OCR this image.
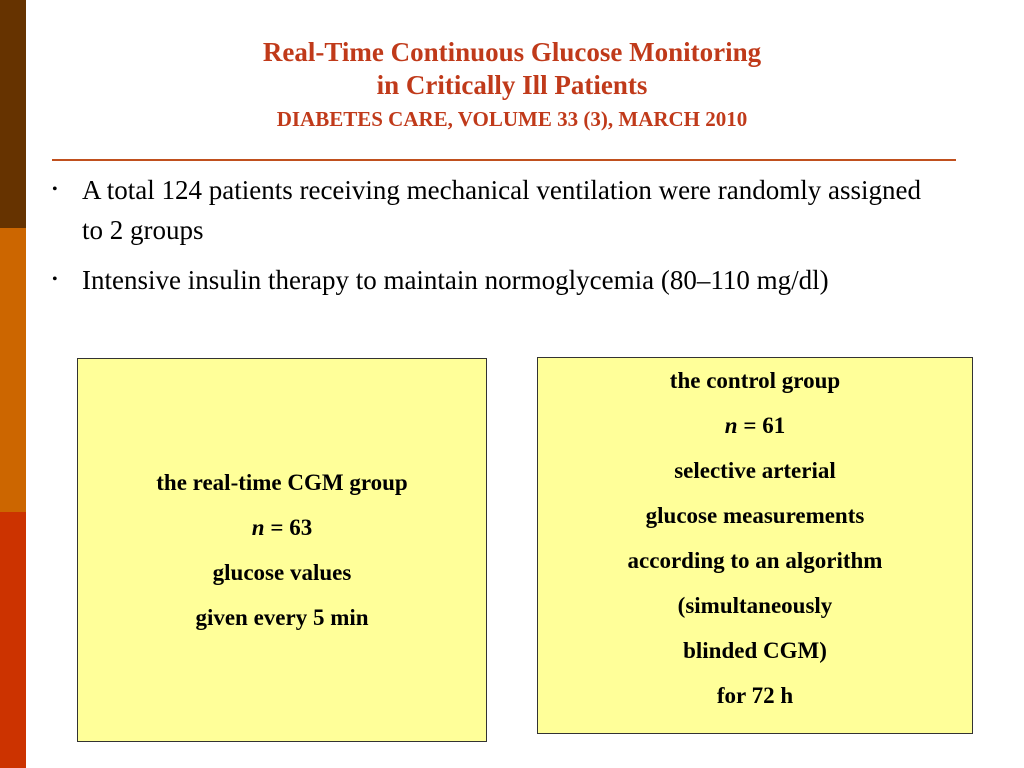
Real-Time Continuous Glucose Monitoring
in Critically Ill Patients
DIABETES CARE, VOLUME 33 (3), MARCH 2010
• A total 124 patients receiving mechanical ventilation were randomly assigned to 2 groups
• Intensive insulin therapy to maintain normoglycemia (80–110 mg/dl)
the real-time CGM group
n = 63
glucose values
given every 5 min
the control group
n = 61
selective arterial
glucose measurements
according to an algorithm
(simultaneously
blinded CGM)
for 72 h
